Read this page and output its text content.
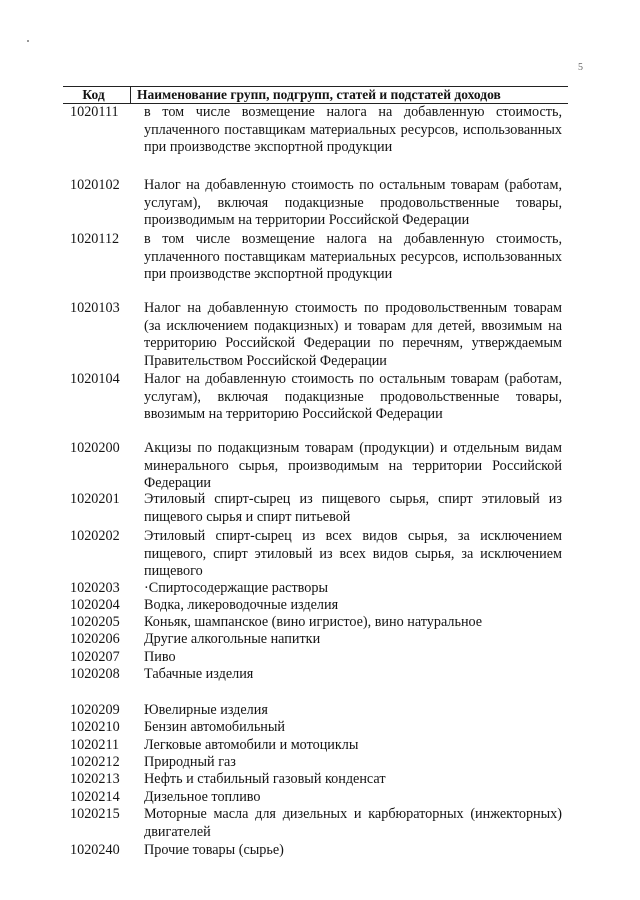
5
Код	Наименование групп, подгрупп, статей и подстатей доходов
1020111	в том числе возмещение налога на добавленную стоимость, уплаченного поставщикам материальных ресурсов, использованных при производстве экспортной продукции
1020102	Налог на добавленную стоимость по остальным товарам (работам, услугам), включая подакцизные продовольственные товары, производимым на территории Российской Федерации
1020112	в том числе возмещение налога на добавленную стоимость, уплаченного поставщикам материальных ресурсов, использованных при производстве экспортной продукции
1020103	Налог на добавленную стоимость по продовольственным товарам (за исключением подакцизных) и товарам для детей, ввозимым на территорию Российской Федерации по перечням, утверждаемым Правительством Российской Федерации
1020104	Налог на добавленную стоимость по остальным товарам (работам, услугам), включая подакцизные продовольственные товары, ввозимым на территорию Российской Федерации
1020200	Акцизы по подакцизным товарам (продукции) и отдельным видам минерального сырья, производимым на территории Российской Федерации
1020201	Этиловый спирт-сырец из пищевого сырья, спирт этиловый из пищевого сырья и спирт питьевой
1020202	Этиловый спирт-сырец из всех видов сырья, за исключением пищевого, спирт этиловый из всех видов сырья, за исключением пищевого
1020203	·Спиртосодержащие растворы
1020204	Водка, ликероводочные изделия
1020205	Коньяк, шампанское (вино игристое), вино натуральное
1020206	Другие алкогольные напитки
1020207	Пиво
1020208	Табачные изделия
1020209	Ювелирные изделия
1020210	Бензин автомобильный
1020211	Легковые автомобили и мотоциклы
1020212	Природный газ
1020213	Нефть и стабильный газовый конденсат
1020214	Дизельное топливо
1020215	Моторные масла для дизельных и карбюраторных (инжекторных) двигателей
1020240	Прочие товары (сырье)
